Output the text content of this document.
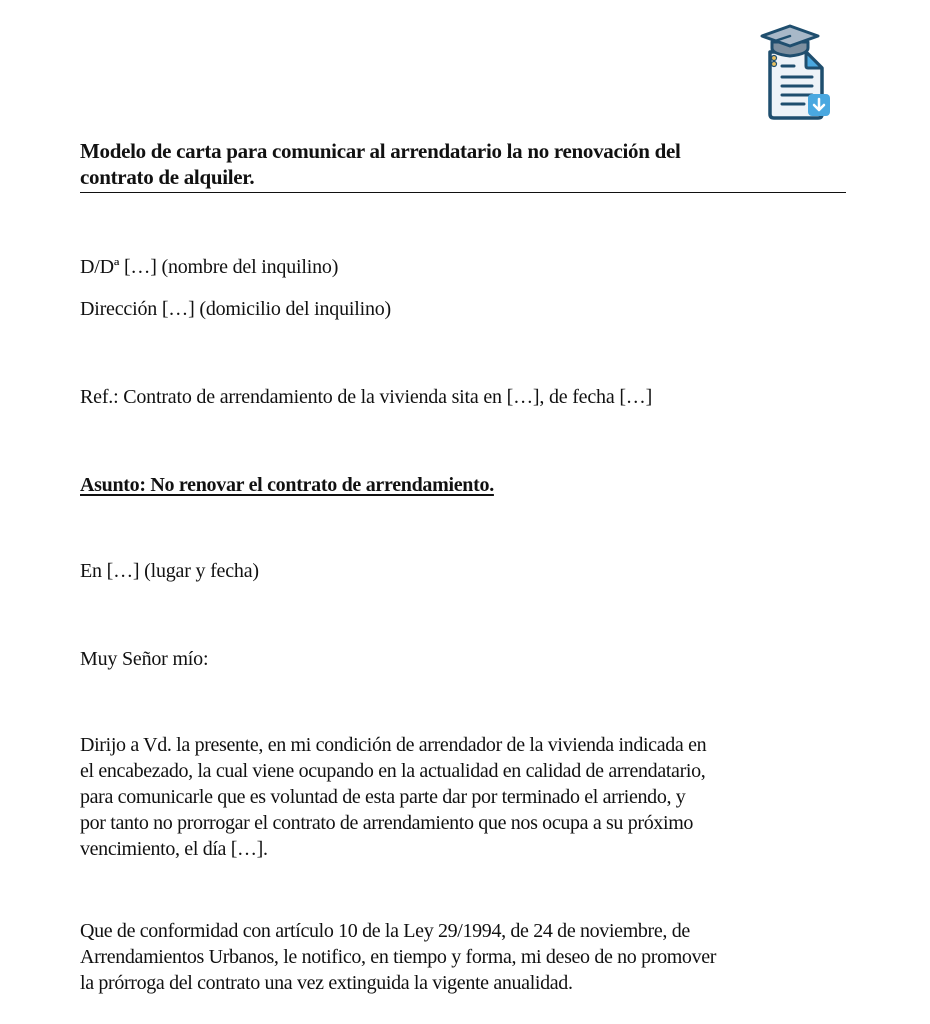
Modelo de carta para comunicar al arrendatario la no renovación del
contrato de alquiler.
D/Dª […] (nombre del inquilino)
Dirección […] (domicilio del inquilino)
Ref.: Contrato de arrendamiento de la vivienda sita en […], de fecha […]
Asunto: No renovar el contrato de arrendamiento.
En […] (lugar y fecha)
Muy Señor mío:
Dirijo a Vd. la presente, en mi condición de arrendador de la vivienda indicada en
el encabezado, la cual viene ocupando en la actualidad en calidad de arrendatario,
para comunicarle que es voluntad de esta parte dar por terminado el arriendo, y
por tanto no prorrogar el contrato de arrendamiento que nos ocupa a su próximo
vencimiento, el día […].
Que de conformidad con artículo 10 de la Ley 29/1994, de 24 de noviembre, de
Arrendamientos Urbanos, le notifico, en tiempo y forma, mi deseo de no promover
la prórroga del contrato una vez extinguida la vigente anualidad.
